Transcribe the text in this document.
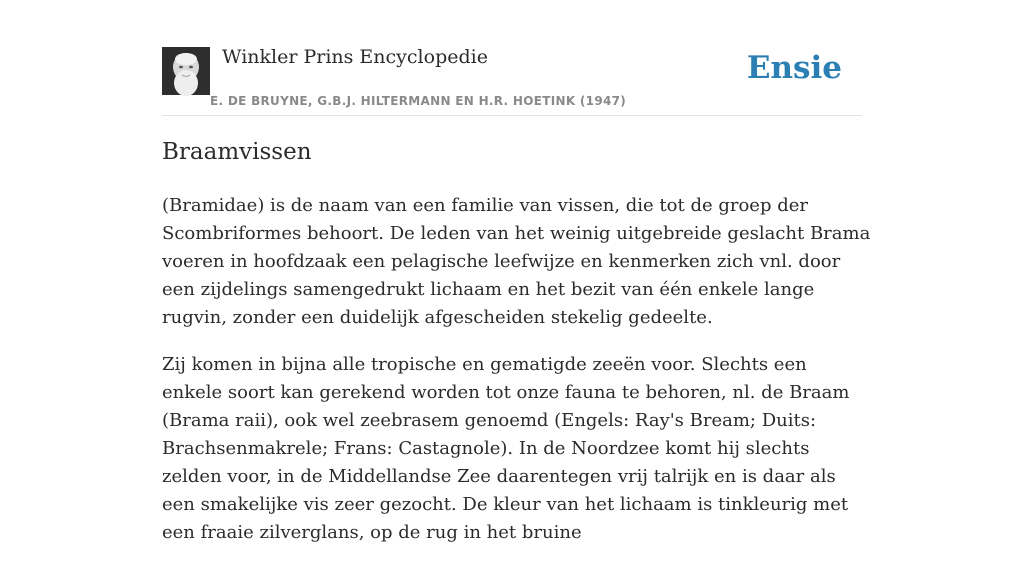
Winkler Prins Encyclopedie
E. DE BRUYNE, G.B.J. HILTERMANN EN H.R. HOETINK (1947)
Ensie
Braamvissen

(Bramidae) is de naam van een familie van vissen, die tot de groep der Scombriformes behoort. De leden van het weinig uitgebreide geslacht Brama voeren in hoofdzaak een pelagische leefwijze en kenmerken zich vnl. door een zijdelings samengedrukt lichaam en het bezit van één enkele lange rugvin, zonder een duidelijk afgescheiden stekelig gedeelte.

Zij komen in bijna alle tropische en gematigde zeeën voor. Slechts een enkele soort kan gerekend worden tot onze fauna te behoren, nl. de Braam (Brama raii), ook wel zeebrasem genoemd (Engels: Ray's Bream; Duits: Brachsenmakrele; Frans: Castagnole). In de Noordzee komt hij slechts zelden voor, in de Middellandse Zee daarentegen vrij talrijk en is daar als een smakelijke vis zeer gezocht. De kleur van het lichaam is tinkleurig met een fraaie zilverglans, op de rug in het bruine
